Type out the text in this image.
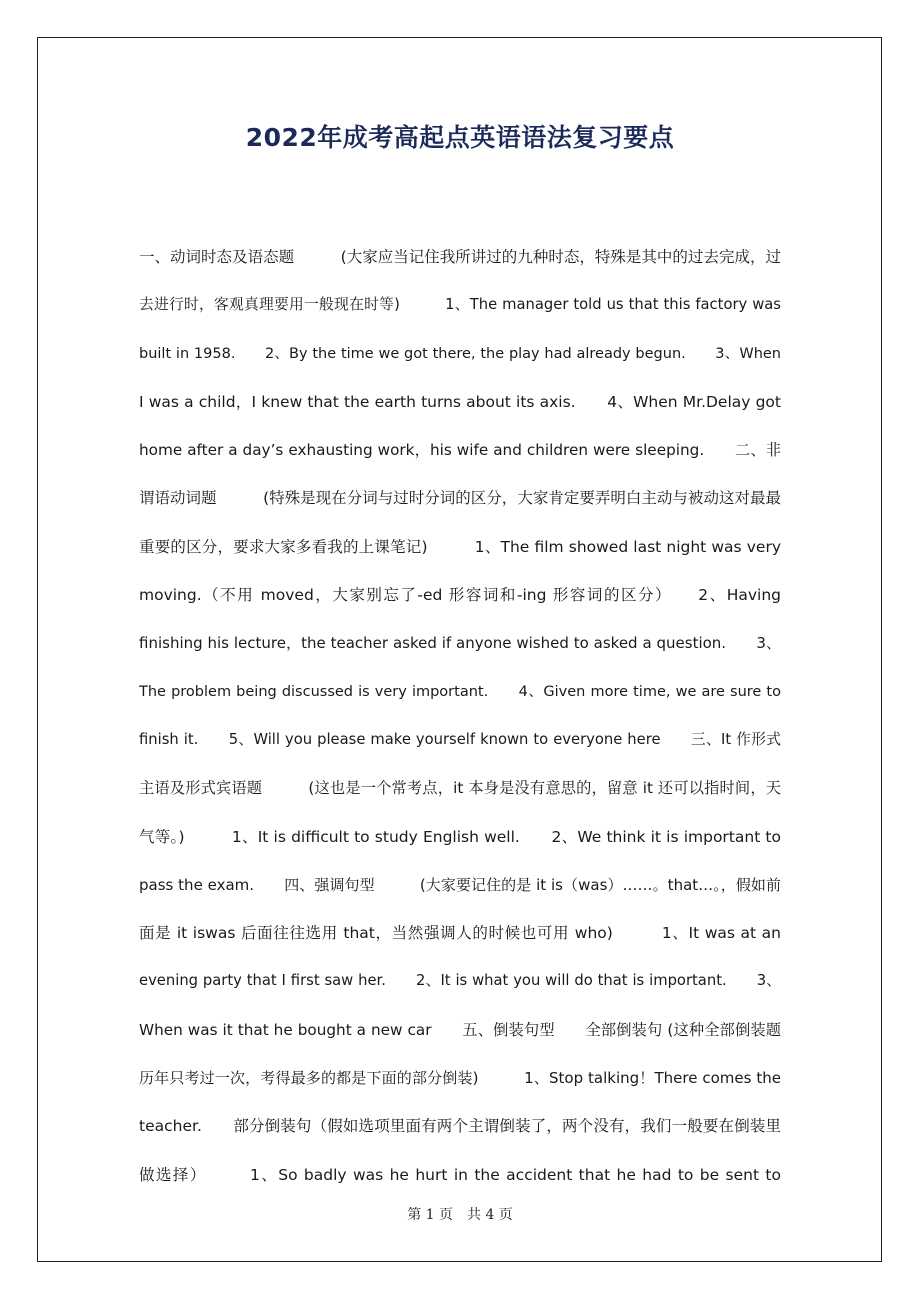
2022年成考高起点英语语法复习要点
一、动词时态及语态题　　　(大家应当记住我所讲过的九种时态，特殊是其中的过去完成，过
去进行时，客观真理要用一般现在时等)　　　1、The manager told us that this factory was
built in 1958.　　2、By the time we got there, the play had already begun.　　3、When
I was a child，I knew that the earth turns about its axis.　　4、When Mr.Delay got
home after a day’s exhausting work，his wife and children were sleeping.　　二、非
谓语动词题　　　(特殊是现在分词与过时分词的区分，大家肯定要弄明白主动与被动这对最最
重要的区分，要求大家多看我的上课笔记)　　　1、The film showed last night was very
moving.（不用 moved，大家别忘了-ed 形容词和-ing 形容词的区分）　　2、Having
finishing his lecture，the teacher asked if anyone wished to asked a question.　　3、
The problem being discussed is very important.　　4、Given more time, we are sure to
finish it.　　5、Will you please make yourself known to everyone here　　三、It 作形式
主语及形式宾语题　　　(这也是一个常考点，it 本身是没有意思的，留意 it 还可以指时间，天
气等。)　　　1、It is difficult to study English well.　　2、We think it is important to
pass the exam.　　四、强调句型　　　(大家要记住的是 it is（was）……。that…。，假如前
面是 it iswas 后面往往选用 that，当然强调人的时候也可用 who)　　　1、It was at an
evening party that I first saw her.　　2、It is what you will do that is important.　　3、
When was it that he bought a new car　　五、倒装句型　　全部倒装句 (这种全部倒装题
历年只考过一次，考得最多的都是下面的部分倒装)　　　1、Stop talking！There comes the
teacher.　　部分倒装句（假如选项里面有两个主谓倒装了，两个没有，我们一般要在倒装里
做选择）　　　1、So badly was he hurt in the accident that he had to be sent to
第 1 页　共 4 页
